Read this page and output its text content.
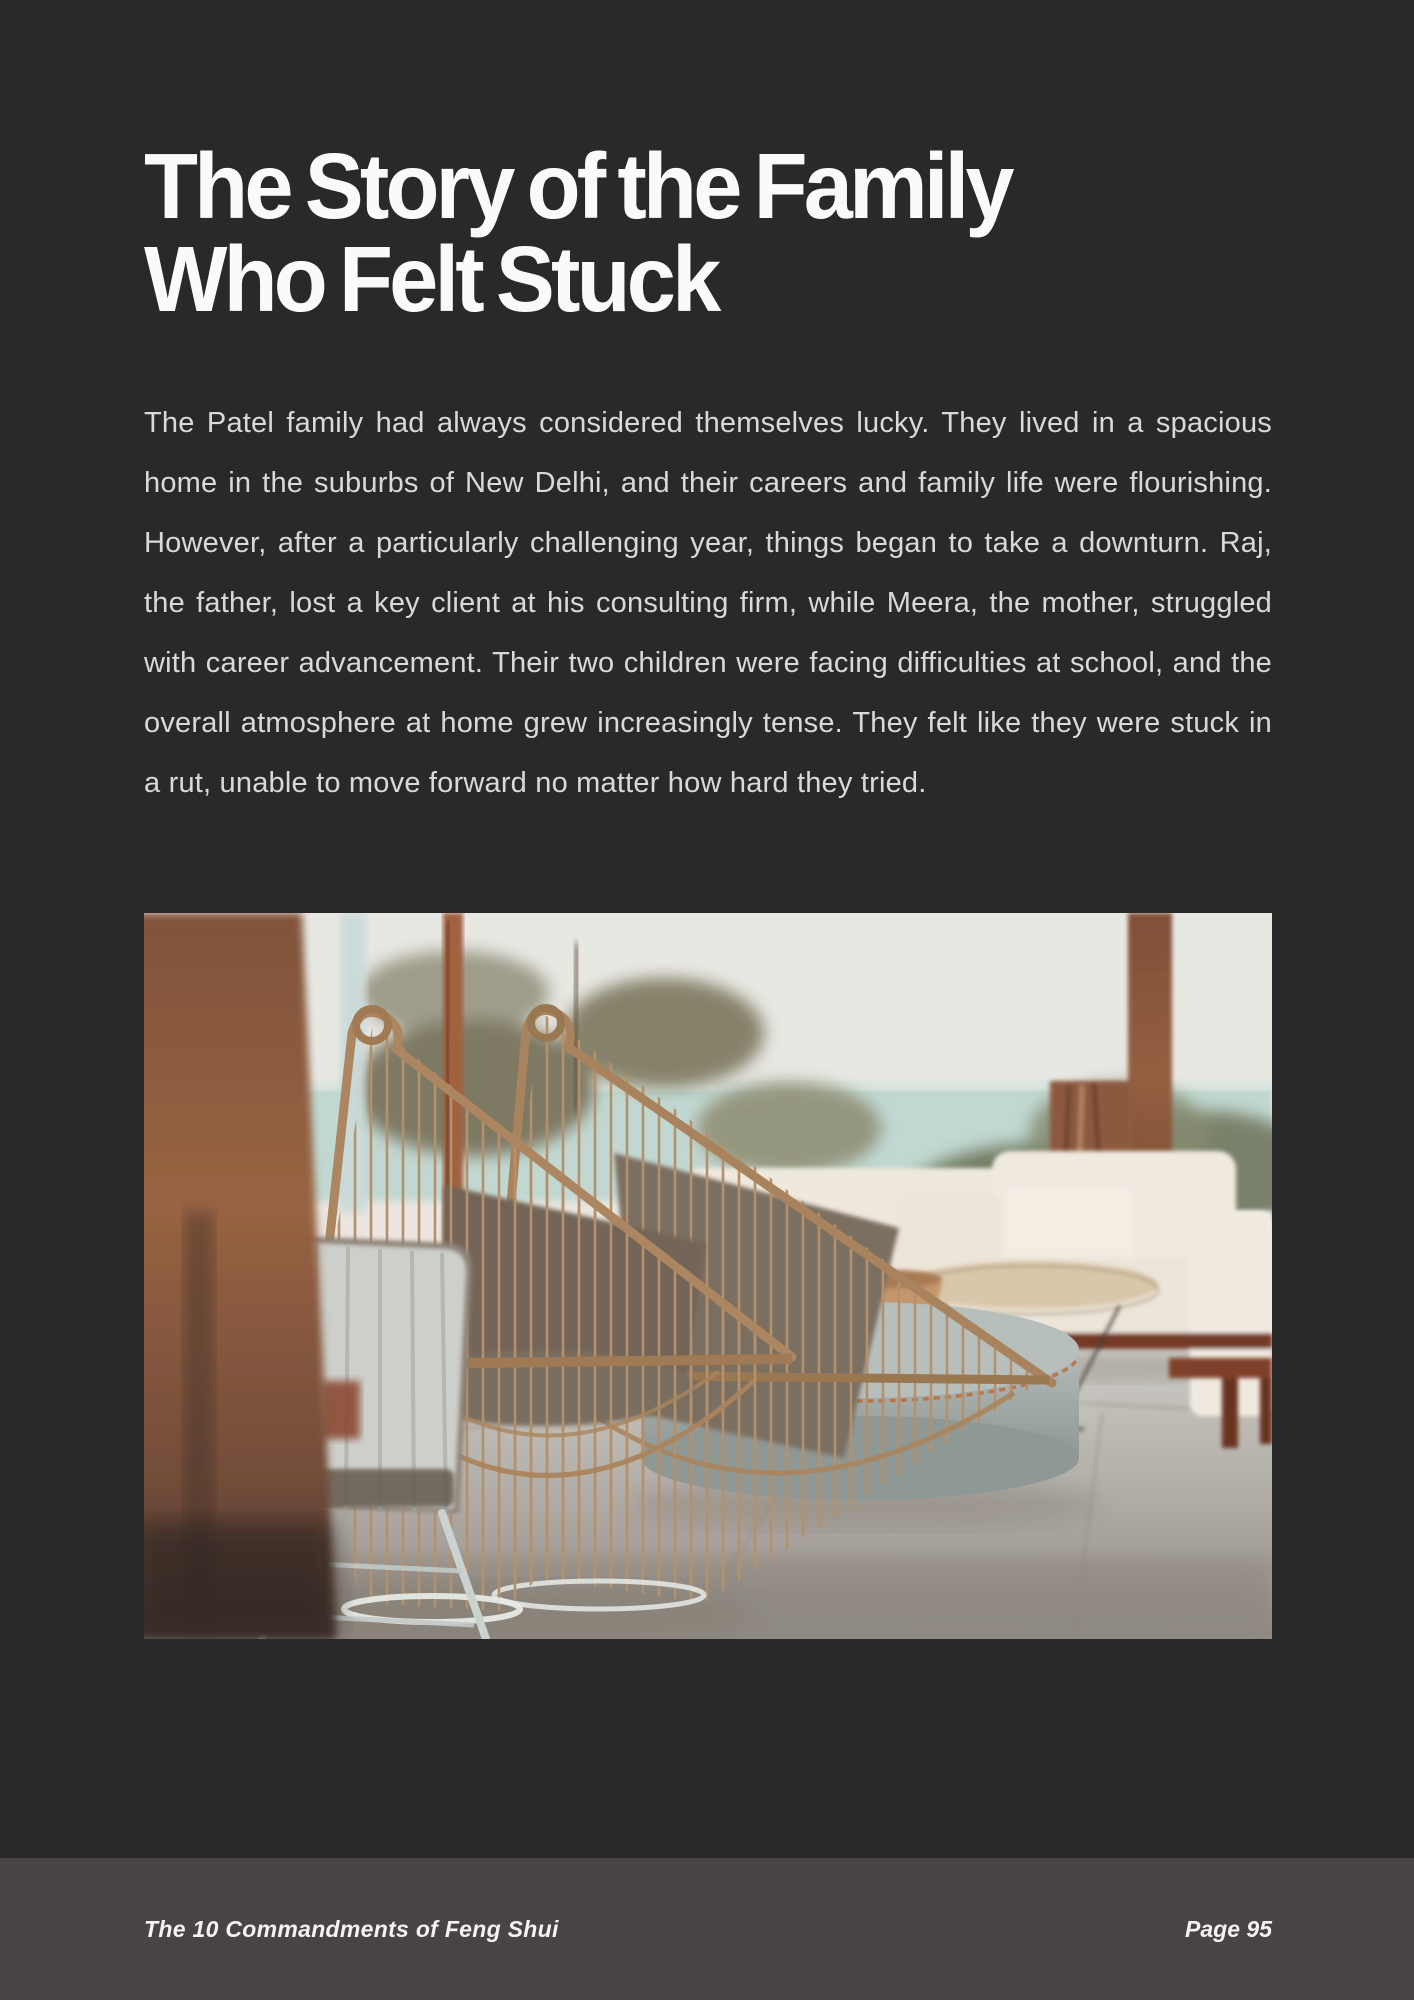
The Story of the Family
Who Felt Stuck

The Patel family had always considered themselves lucky. They lived in a spacious home in the suburbs of New Delhi, and their careers and family life were flourishing. However, after a particularly challenging year, things began to take a downturn. Raj, the father, lost a key client at his consulting firm, while Meera, the mother, struggled with career advancement. Their two children were facing difficulties at school, and the overall atmosphere at home grew increasingly tense. They felt like they were stuck in a rut, unable to move forward no matter how hard they tried.

The 10 Commandments of Feng Shui	Page 95
